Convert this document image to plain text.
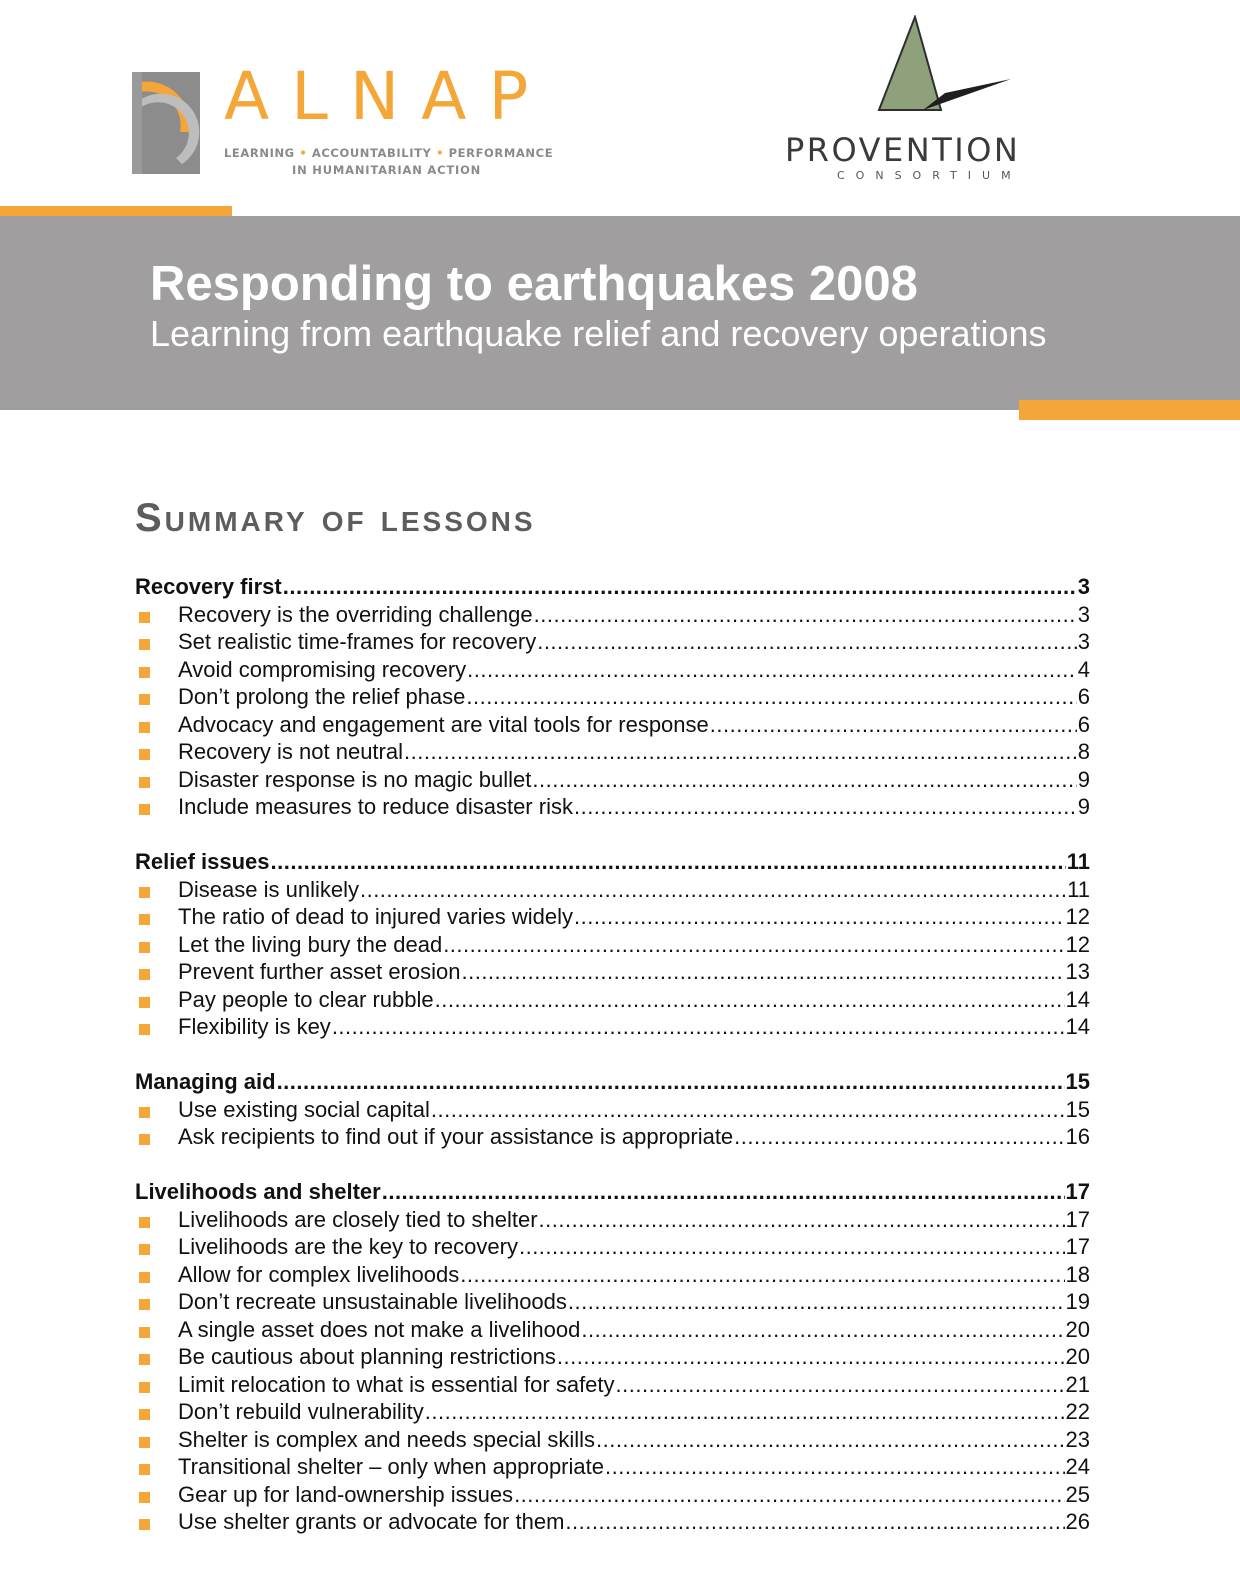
ALNAP
LEARNING • ACCOUNTABILITY • PERFORMANCE
IN HUMANITARIAN ACTION
PROVENTION
CONSORTIUM
Responding to earthquakes 2008
Learning from earthquake relief and recovery operations
Summary of lessons
Recovery first .....	3
Recovery is the overriding challenge .....	3
Set realistic time-frames for recovery .....	3
Avoid compromising recovery .....	4
Don’t prolong the relief phase .....	6
Advocacy and engagement are vital tools for response .....	6
Recovery is not neutral .....	8
Disaster response is no magic bullet .....	9
Include measures to reduce disaster risk .....	9
Relief issues .....	11
Disease is unlikely .....	11
The ratio of dead to injured varies widely .....	12
Let the living bury the dead .....	12
Prevent further asset erosion .....	13
Pay people to clear rubble .....	14
Flexibility is key .....	14
Managing aid .....	15
Use existing social capital .....	15
Ask recipients to find out if your assistance is appropriate .....	16
Livelihoods and shelter .....	17
Livelihoods are closely tied to shelter .....	17
Livelihoods are the key to recovery .....	17
Allow for complex livelihoods .....	18
Don’t recreate unsustainable livelihoods .....	19
A single asset does not make a livelihood .....	20
Be cautious about planning restrictions .....	20
Limit relocation to what is essential for safety .....	21
Don’t rebuild vulnerability .....	22
Shelter is complex and needs special skills .....	23
Transitional shelter – only when appropriate .....	24
Gear up for land-ownership issues .....	25
Use shelter grants or advocate for them .....	26
